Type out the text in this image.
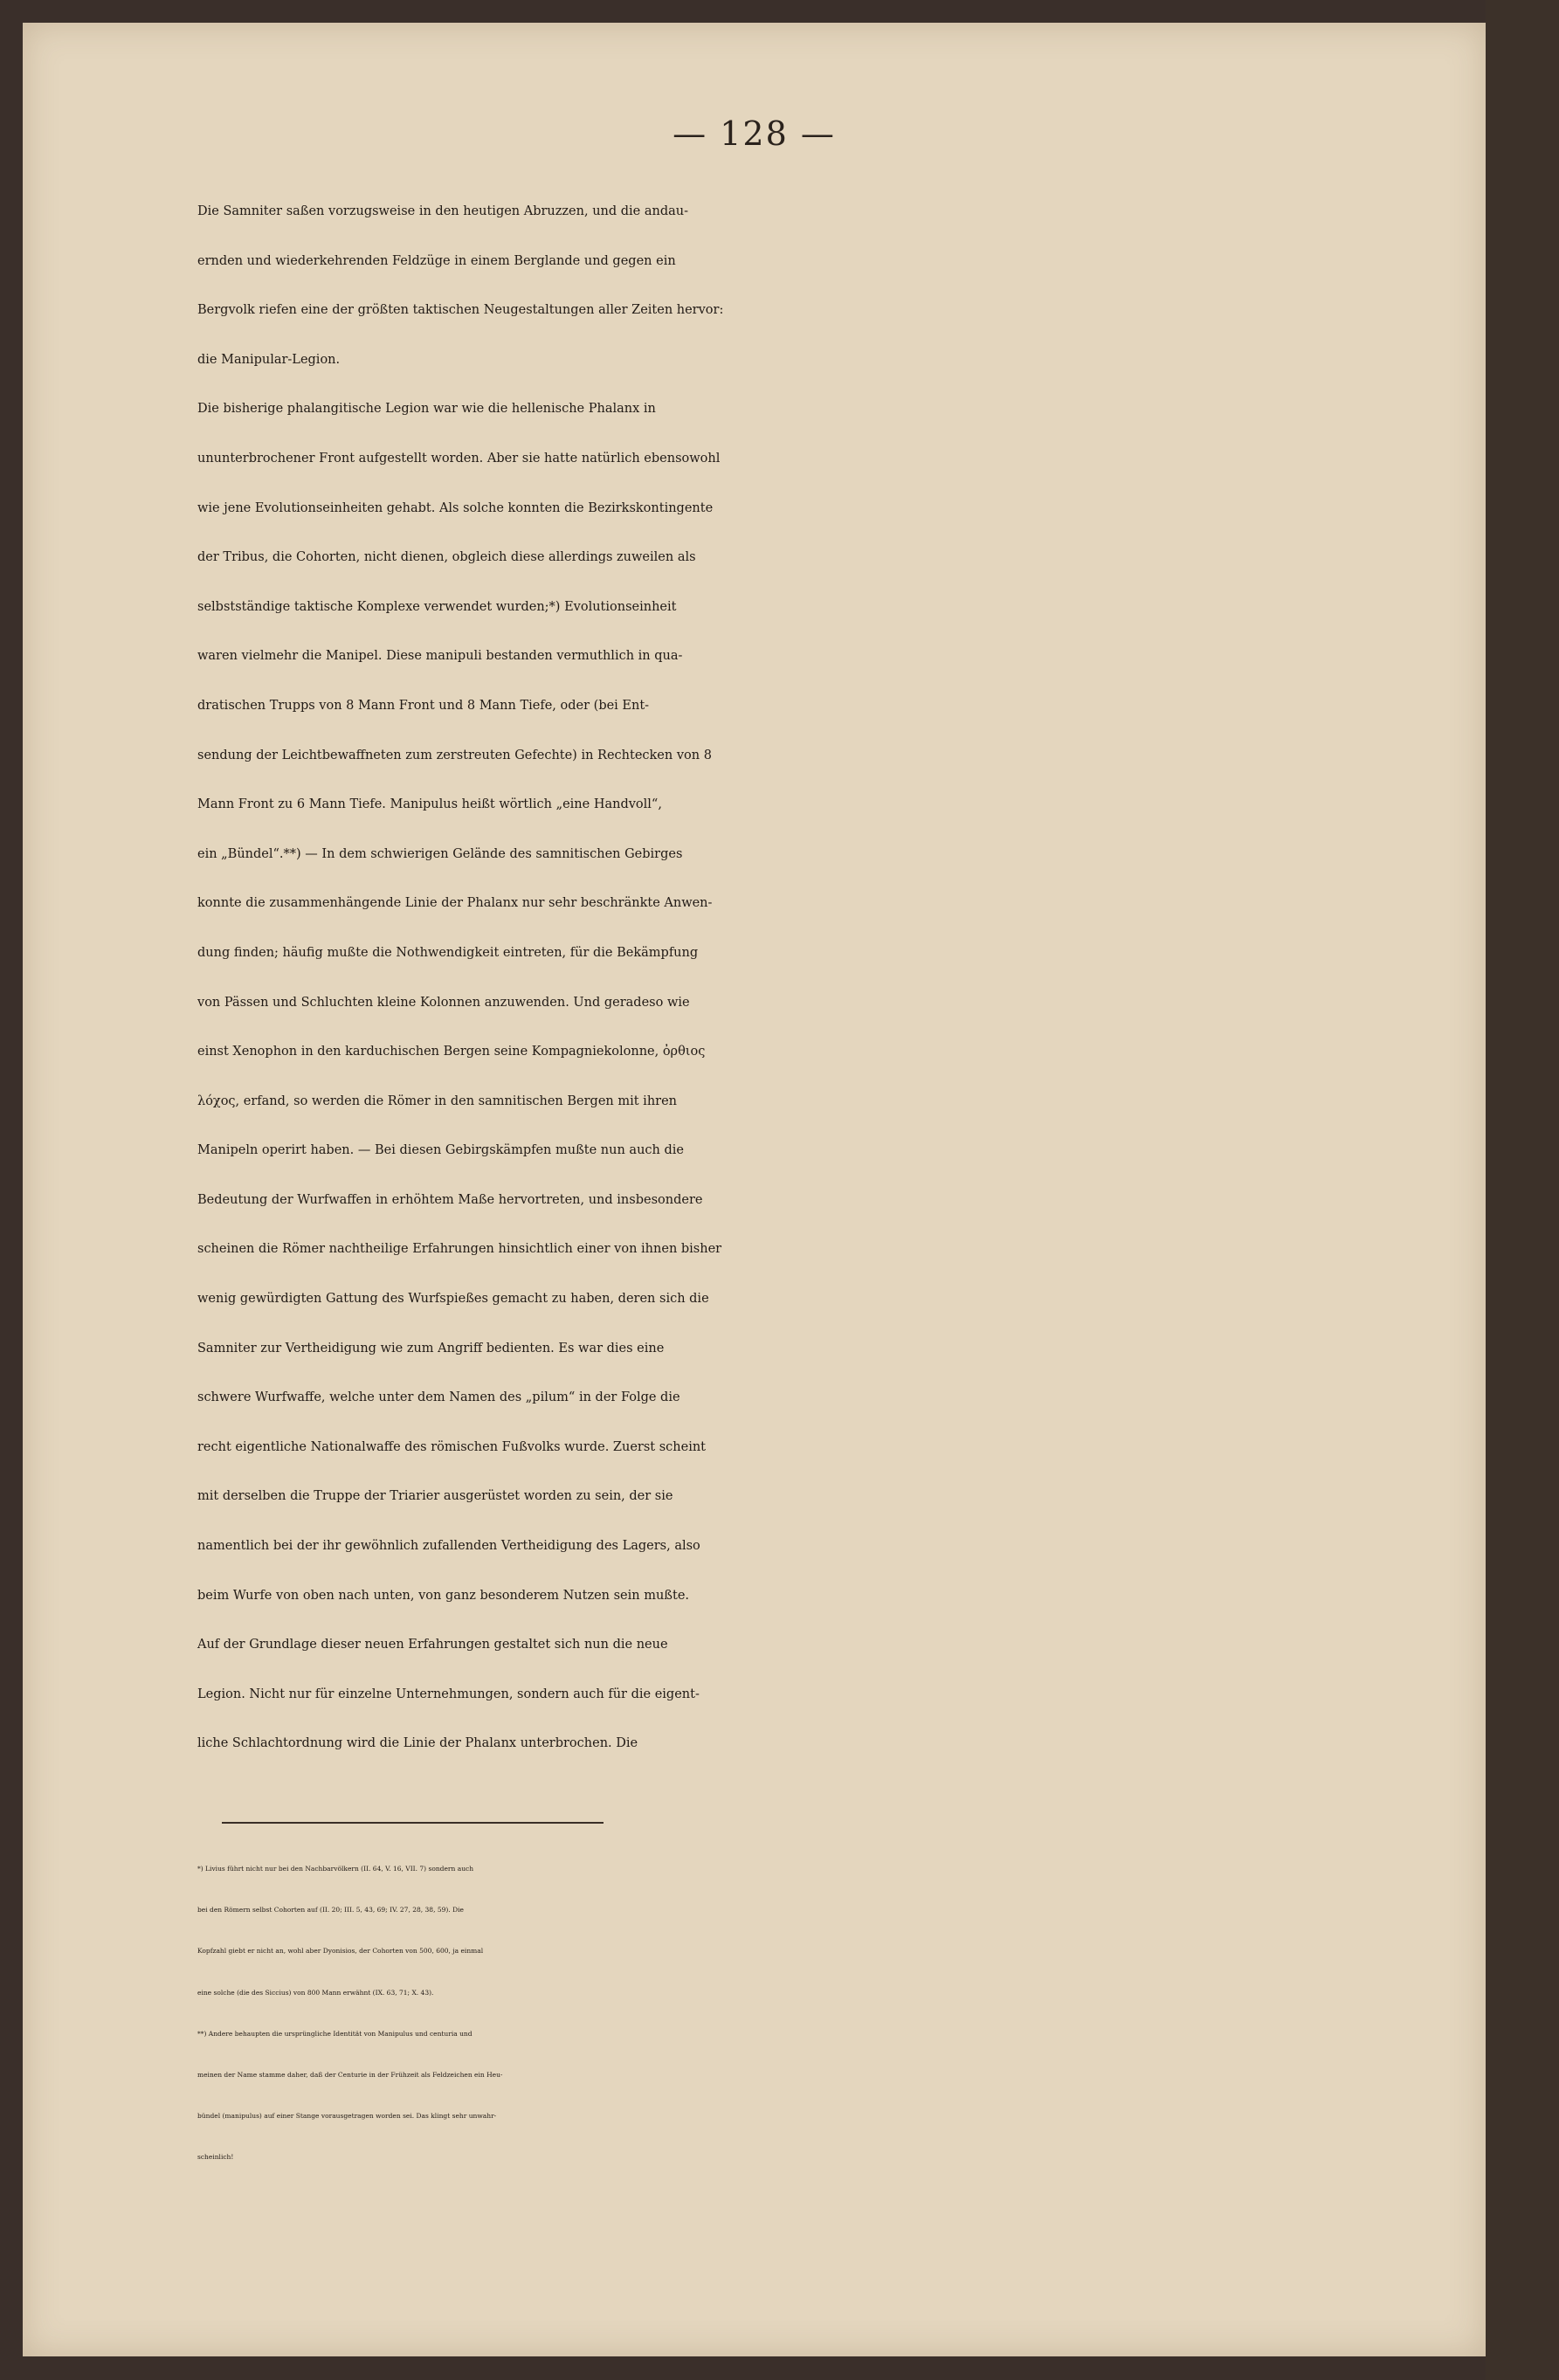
— 128 —
Die Samniter saßen vorzugsweise in den heutigen Abruzzen, und die andau-
ernden und wiederkehrenden Feldzüge in einem Berglande und gegen ein
Bergvolk riefen eine der größten taktischen Neugestaltungen aller Zeiten hervor:
die Manipular-Legion.
Die bisherige phalangitische Legion war wie die hellenische Phalanx in
ununterbrochener Front aufgestellt worden. Aber sie hatte natürlich ebensowohl
wie jene Evolutionseinheiten gehabt. Als solche konnten die Bezirkskontingente
der Tribus, die Cohorten, nicht dienen, obgleich diese allerdings zuweilen als
selbstständige taktische Komplexe verwendet wurden;*) Evolutionseinheit
waren vielmehr die Manipel. Diese manipuli bestanden vermuthlich in qua-
dratischen Trupps von 8 Mann Front und 8 Mann Tiefe, oder (bei Ent-
sendung der Leichtbewaffneten zum zerstreuten Gefechte) in Rechtecken von 8
Mann Front zu 6 Mann Tiefe. Manipulus heißt wörtlich „eine Handvoll“,
ein „Bündel“.**) — In dem schwierigen Gelände des samnitischen Gebirges
konnte die zusammenhängende Linie der Phalanx nur sehr beschränkte Anwen-
dung finden; häufig mußte die Nothwendigkeit eintreten, für die Bekämpfung
von Pässen und Schluchten kleine Kolonnen anzuwenden. Und geradeso wie
einst Xenophon in den karduchischen Bergen seine Kompagniekolonne, ὀρθιος
λόχος, erfand, so werden die Römer in den samnitischen Bergen mit ihren
Manipeln operirt haben. — Bei diesen Gebirgskämpfen mußte nun auch die
Bedeutung der Wurfwaffen in erhöhtem Maße hervortreten, und insbesondere
scheinen die Römer nachtheilige Erfahrungen hinsichtlich einer von ihnen bisher
wenig gewürdigten Gattung des Wurfspießes gemacht zu haben, deren sich die
Samniter zur Vertheidigung wie zum Angriff bedienten. Es war dies eine
schwere Wurfwaffe, welche unter dem Namen des „pilum“ in der Folge die
recht eigentliche Nationalwaffe des römischen Fußvolks wurde. Zuerst scheint
mit derselben die Truppe der Triarier ausgerüstet worden zu sein, der sie
namentlich bei der ihr gewöhnlich zufallenden Vertheidigung des Lagers, also
beim Wurfe von oben nach unten, von ganz besonderem Nutzen sein mußte.
Auf der Grundlage dieser neuen Erfahrungen gestaltet sich nun die neue
Legion. Nicht nur für einzelne Unternehmungen, sondern auch für die eigent-
liche Schlachtordnung wird die Linie der Phalanx unterbrochen. Die
*) Livius führt nicht nur bei den Nachbarvölkern (II. 64, V. 16, VII. 7) sondern auch
bei den Römern selbst Cohorten auf (II. 20; III. 5, 43, 69; IV. 27, 28, 38, 59). Die
Kopfzahl giebt er nicht an, wohl aber Dyonisios, der Cohorten von 500, 600, ja einmal
eine solche (die des Siccius) von 800 Mann erwähnt (IX. 63, 71; X. 43).
**) Andere behaupten die ursprüngliche Identität von Manipulus und centuria und
meinen der Name stamme daher, daß der Centurie in der Frühzeit als Feldzeichen ein Heu-
bündel (manipulus) auf einer Stange vorausgetragen worden sei. Das klingt sehr unwahr-
scheinlich!
